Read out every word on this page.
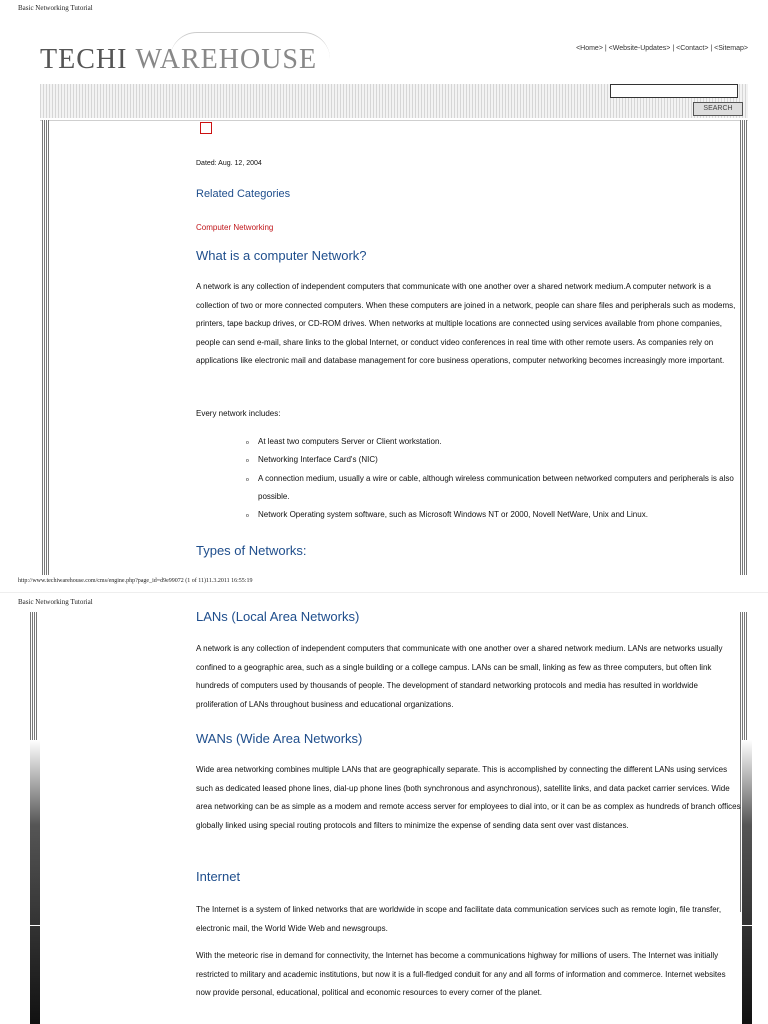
Basic Networking Tutorial
TECHI WAREHOUSE	<Home> | <Website-Updates> | <Contact> | <Sitemap>
SEARCH
Dated: Aug. 12, 2004
Related Categories
Computer Networking
What is a computer Network?

A network is any collection of independent computers that communicate with one another over a shared network medium.A computer network is a collection of two or more connected computers. When these computers are joined in a network, people can share files and peripherals such as modems, printers, tape backup drives, or CD-ROM drives. When networks at multiple locations are connected using services available from phone companies, people can send e-mail, share links to the global Internet, or conduct video conferences in real time with other remote users. As companies rely on applications like electronic mail and database management for core business operations, computer networking becomes increasingly more important.

Every network includes:

o At least two computers Server or Client workstation.
o Networking Interface Card's (NIC)
o A connection medium, usually a wire or cable, although wireless communication between networked computers and peripherals is also possible.
o Network Operating system software, such as Microsoft Windows NT or 2000, Novell NetWare, Unix and Linux.
Types of Networks:
http://www.techiwarehouse.com/cms/engine.php?page_id=d9e99072 (1 of 11)11.3.2011 16:55:19
Basic Networking Tutorial
LANs (Local Area Networks)

A network is any collection of independent computers that communicate with one another over a shared network medium. LANs are networks usually confined to a geographic area, such as a single building or a college campus. LANs can be small, linking as few as three computers, but often link hundreds of computers used by thousands of people. The development of standard networking protocols and media has resulted in worldwide proliferation of LANs throughout business and educational organizations.

WANs (Wide Area Networks)

Wide area networking combines multiple LANs that are geographically separate. This is accomplished by connecting the different LANs using services such as dedicated leased phone lines, dial-up phone lines (both synchronous and asynchronous), satellite links, and data packet carrier services. Wide area networking can be as simple as a modem and remote access server for employees to dial into, or it can be as complex as hundreds of branch offices globally linked using special routing protocols and filters to minimize the expense of sending data sent over vast distances.

Internet

The Internet is a system of linked networks that are worldwide in scope and facilitate data communication services such as remote login, file transfer, electronic mail, the World Wide Web and newsgroups.

With the meteoric rise in demand for connectivity, the Internet has become a communications highway for millions of users. The Internet was initially restricted to military and academic institutions, but now it is a full-fledged conduit for any and all forms of information and commerce. Internet websites now provide personal, educational, political and economic resources to every corner of the planet.
